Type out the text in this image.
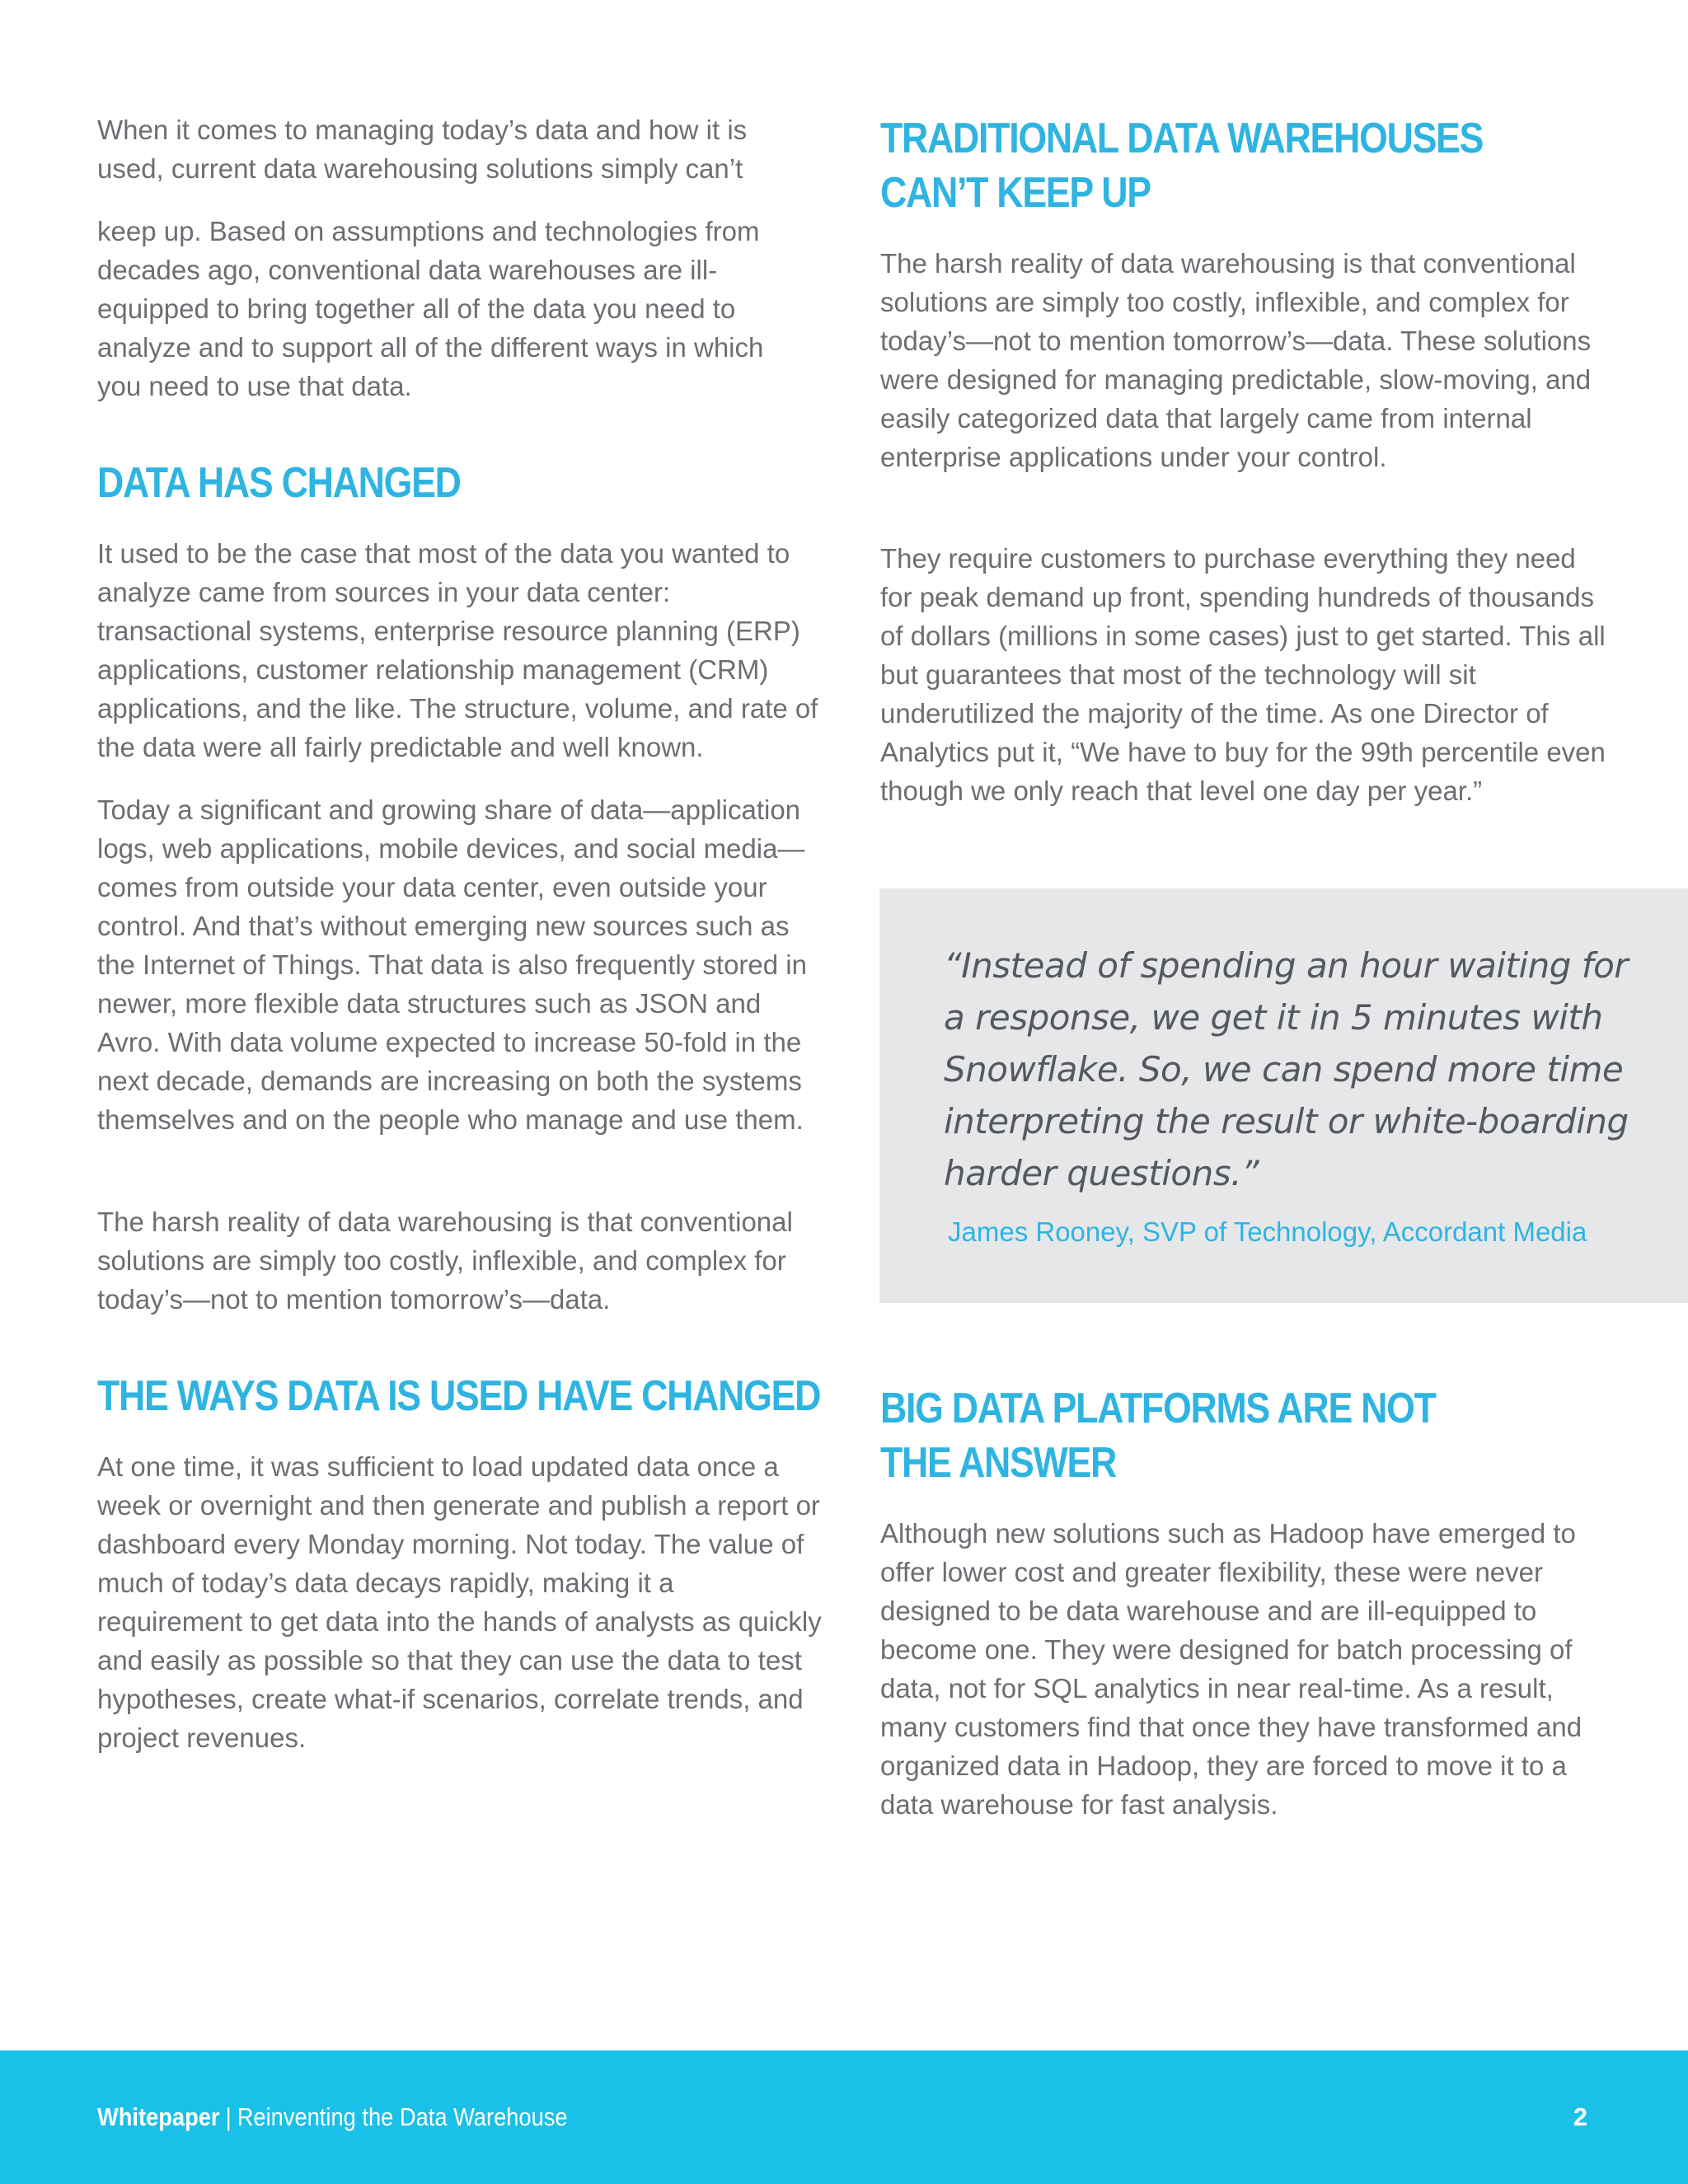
When it comes to managing today’s data and how it is used, current data warehousing solutions simply can’t

keep up. Based on assumptions and technologies from decades ago, conventional data warehouses are ill-equipped to bring together all of the data you need to analyze and to support all of the different ways in which you need to use that data.

DATA HAS CHANGED

It used to be the case that most of the data you wanted to analyze came from sources in your data center: transactional systems, enterprise resource planning (ERP) applications, customer relationship management (CRM) applications, and the like. The structure, volume, and rate of the data were all fairly predictable and well known.

Today a significant and growing share of data—application logs, web applications, mobile devices, and social media—comes from outside your data center, even outside your control. And that’s without emerging new sources such as the Internet of Things. That data is also frequently stored in newer, more flexible data structures such as JSON and Avro. With data volume expected to increase 50-fold in the next decade, demands are increasing on both the systems themselves and on the people who manage and use them.

The harsh reality of data warehousing is that conventional solutions are simply too costly, inflexible, and complex for today’s—not to mention tomorrow’s—data.

THE WAYS DATA IS USED HAVE CHANGED

At one time, it was sufficient to load updated data once a week or overnight and then generate and publish a report or dashboard every Monday morning. Not today. The value of much of today’s data decays rapidly, making it a requirement to get data into the hands of analysts as quickly and easily as possible so that they can use the data to test hypotheses, create what-if scenarios, correlate trends, and project revenues.

TRADITIONAL DATA WAREHOUSES
CAN’T KEEP UP

The harsh reality of data warehousing is that conventional solutions are simply too costly, inflexible, and complex for today’s—not to mention tomorrow’s—data. These solutions were designed for managing predictable, slow-moving, and easily categorized data that largely came from internal enterprise applications under your control.

They require customers to purchase everything they need for peak demand up front, spending hundreds of thousands of dollars (millions in some cases) just to get started. This all but guarantees that most of the technology will sit underutilized the majority of the time. As one Director of Analytics put it, “We have to buy for the 99th percentile even though we only reach that level one day per year.”

“Instead of spending an hour waiting for a response, we get it in 5 minutes with Snowflake. So, we can spend more time interpreting the result or white-boarding harder questions.”

James Rooney, SVP of Technology, Accordant Media

BIG DATA PLATFORMS ARE NOT
THE ANSWER

Although new solutions such as Hadoop have emerged to offer lower cost and greater flexibility, these were never designed to be data warehouse and are ill-equipped to become one. They were designed for batch processing of data, not for SQL analytics in near real-time. As a result, many customers find that once they have transformed and organized data in Hadoop, they are forced to move it to a data warehouse for fast analysis.

Whitepaper | Reinventing the Data Warehouse	2
